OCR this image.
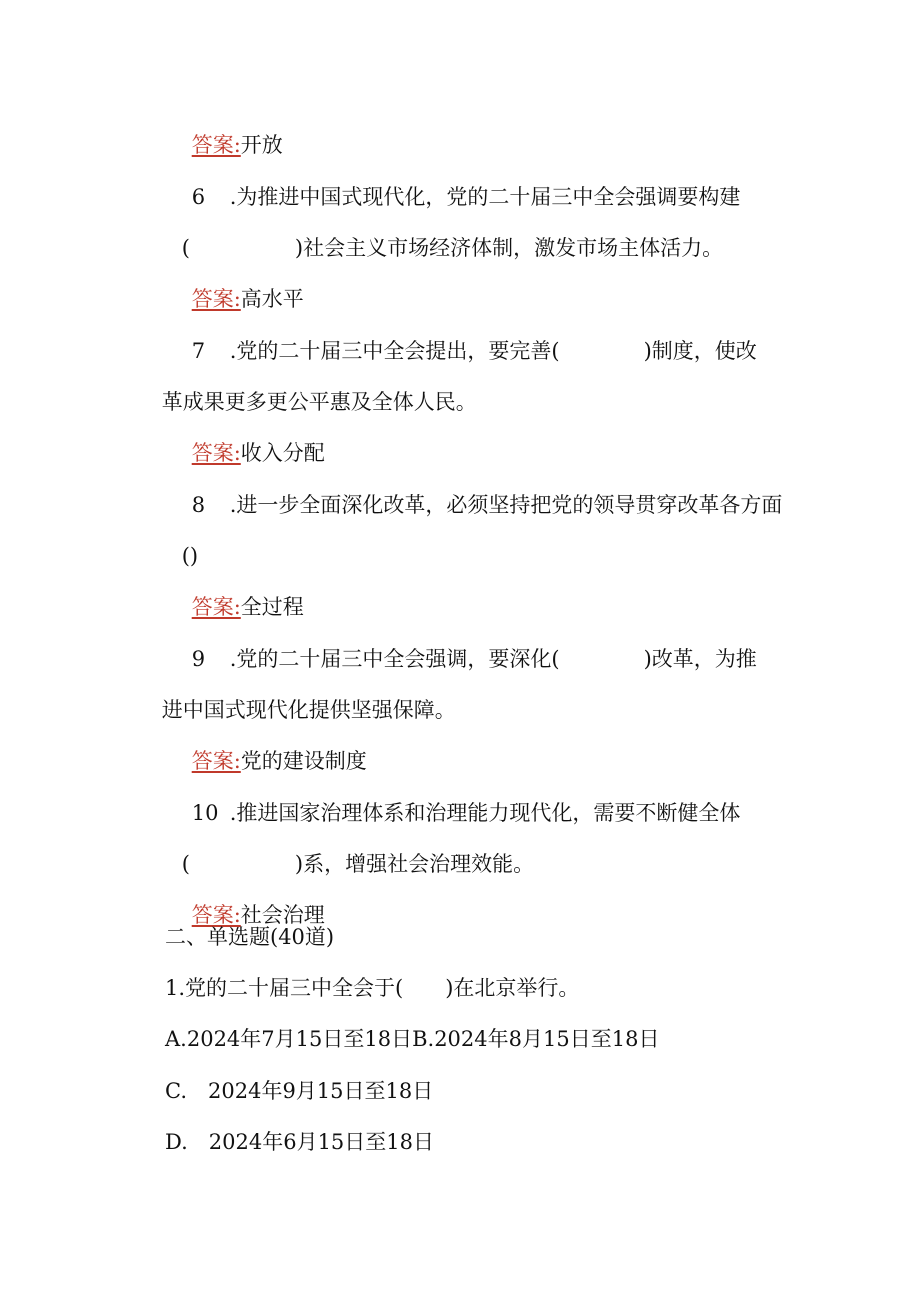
答案:开放

6 .为推进中国式现代化，党的二十届三中全会强调要构建

(　　　　　)社会主义市场经济体制，激发市场主体活力。

答案:高水平

7 .党的二十届三中全会提出，要完善(　　　　)制度，使改

革成果更多更公平惠及全体人民。

答案:收入分配

8 .进一步全面深化改革，必须坚持把党的领导贯穿改革各方面

()

答案:全过程

9 .党的二十届三中全会强调，要深化(　　　　)改革，为推

进中国式现代化提供坚强保障。

答案:党的建设制度

10 .推进国家治理体系和治理能力现代化，需要不断健全体

(　　　　　)系，增强社会治理效能。

答案:社会治理

二、单选题(40道)
1.党的二十届三中全会于(　　)在北京举行。
A.2024年7月15日至18日B.2024年8月15日至18日
C.　2024年9月15日至18日
D.　2024年6月15日至18日
